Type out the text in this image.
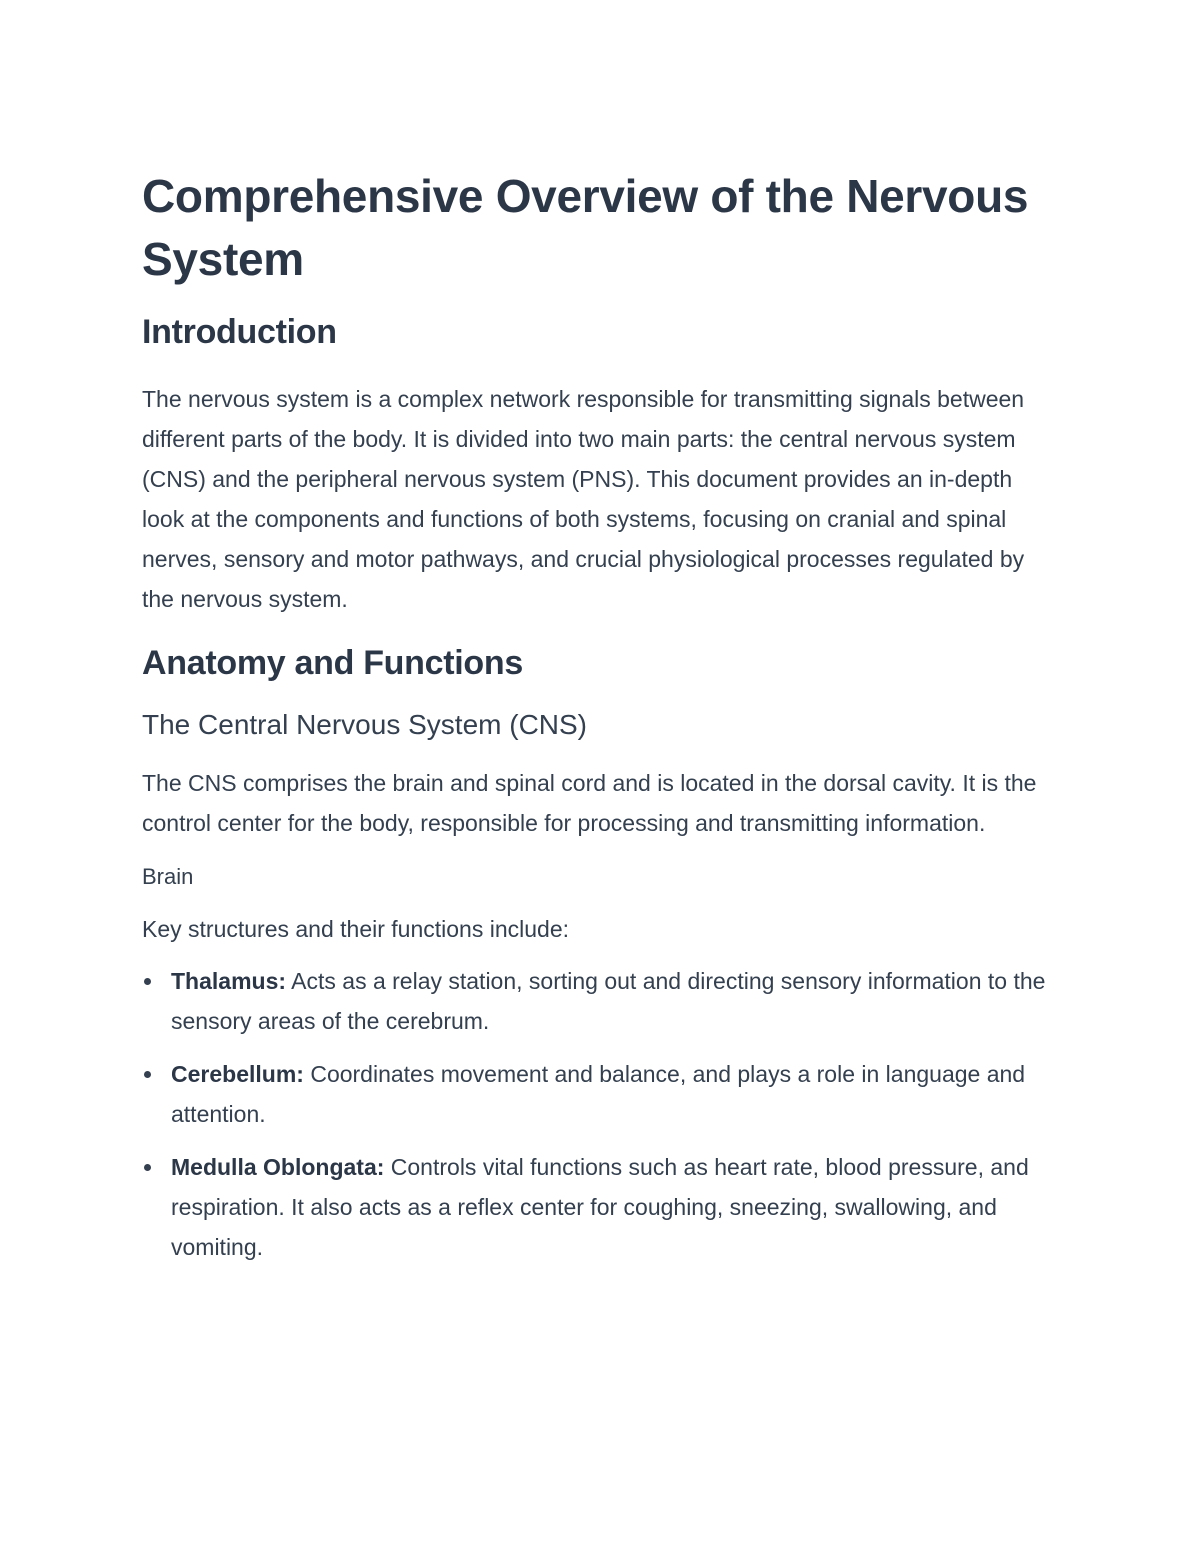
Comprehensive Overview of the Nervous System
Introduction

The nervous system is a complex network responsible for transmitting signals between different parts of the body. It is divided into two main parts: the central nervous system (CNS) and the peripheral nervous system (PNS). This document provides an in-depth look at the components and functions of both systems, focusing on cranial and spinal nerves, sensory and motor pathways, and crucial physiological processes regulated by the nervous system.

Anatomy and Functions
The Central Nervous System (CNS)

The CNS comprises the brain and spinal cord and is located in the dorsal cavity. It is the control center for the body, responsible for processing and transmitting information.

Brain

Key structures and their functions include:

Thalamus: Acts as a relay station, sorting out and directing sensory information to the sensory areas of the cerebrum.
Cerebellum: Coordinates movement and balance, and plays a role in language and attention.
Medulla Oblongata: Controls vital functions such as heart rate, blood pressure, and respiration. It also acts as a reflex center for coughing, sneezing, swallowing, and vomiting.
